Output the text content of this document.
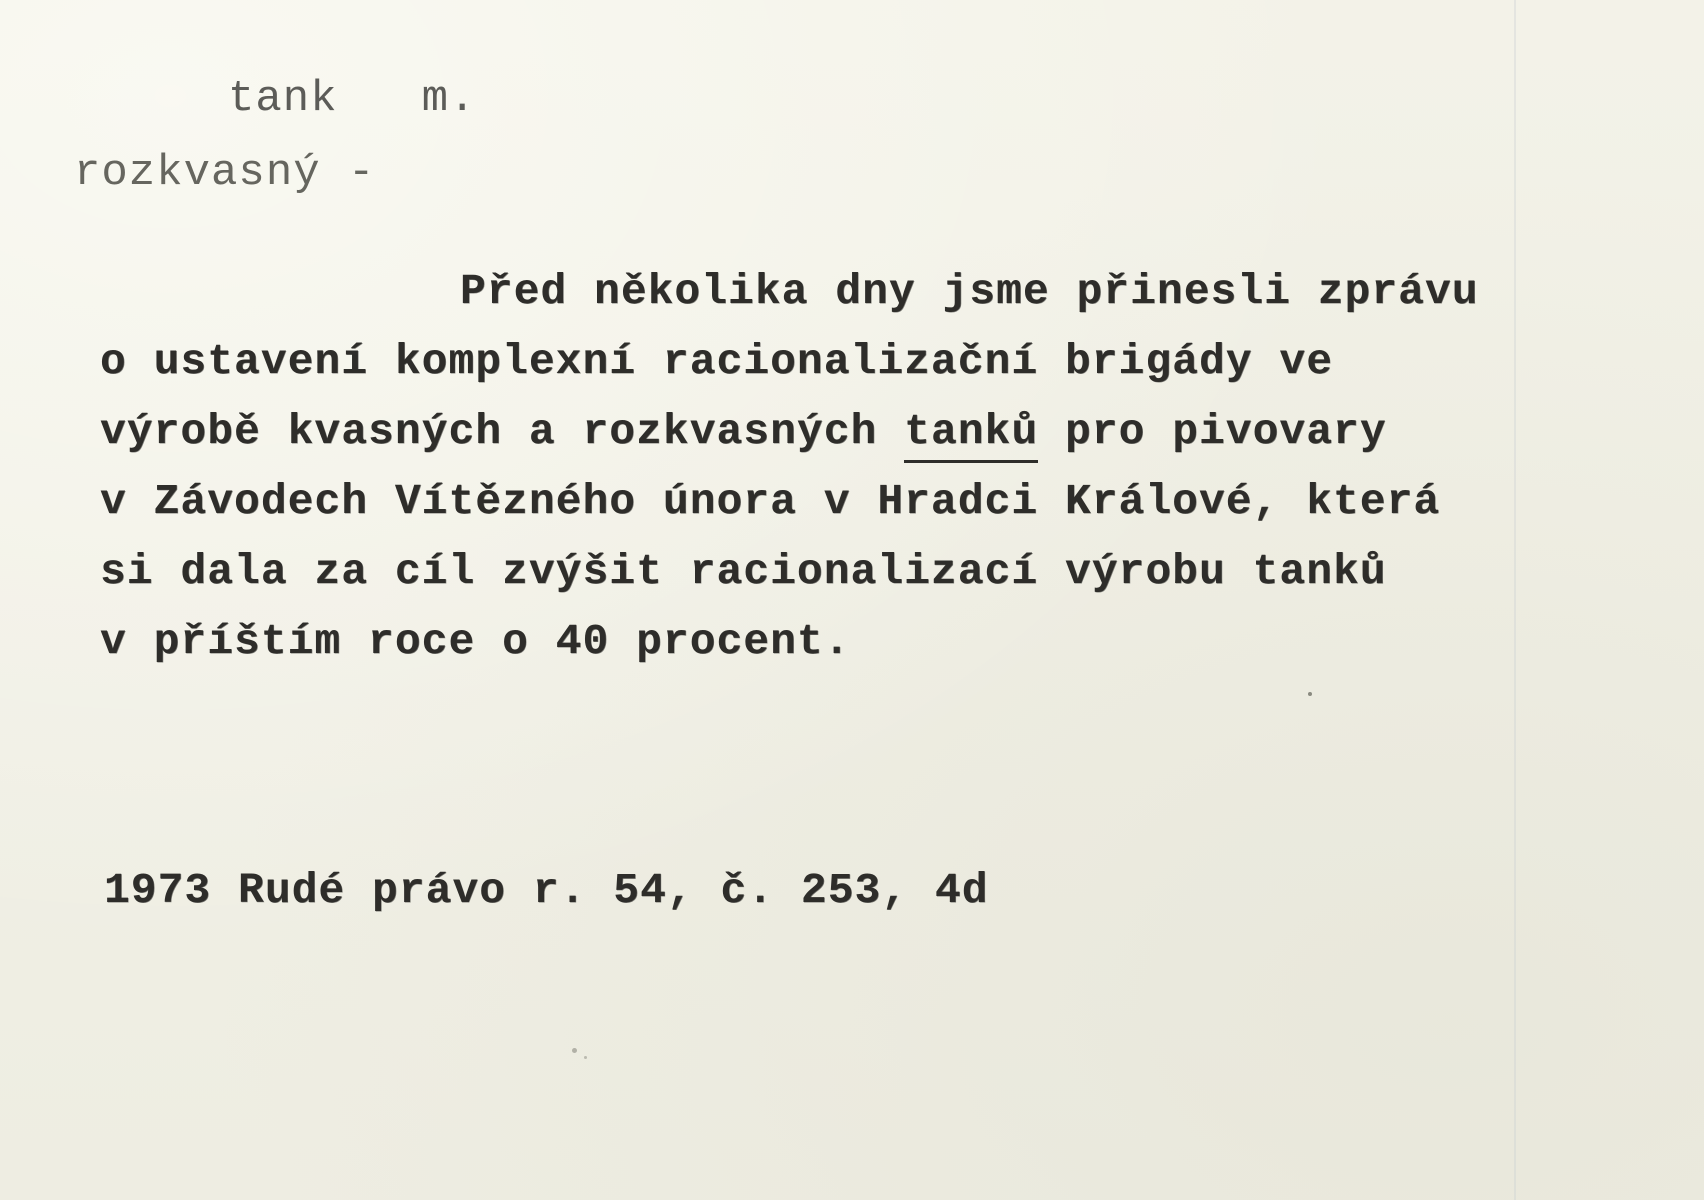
tank m.
rozkvasný -
Před několika dny jsme přinesli zprávu
o ustavení komplexní racionalizační brigády ve
výrobě kvasných a rozkvasných tanků pro pivovary
v Závodech Vítězného února v Hradci Králové, která
si dala za cíl zvýšit racionalizací výrobu tanků
v příštím roce o 40 procent.
1973 Rudé právo r. 54, č. 253, 4d
